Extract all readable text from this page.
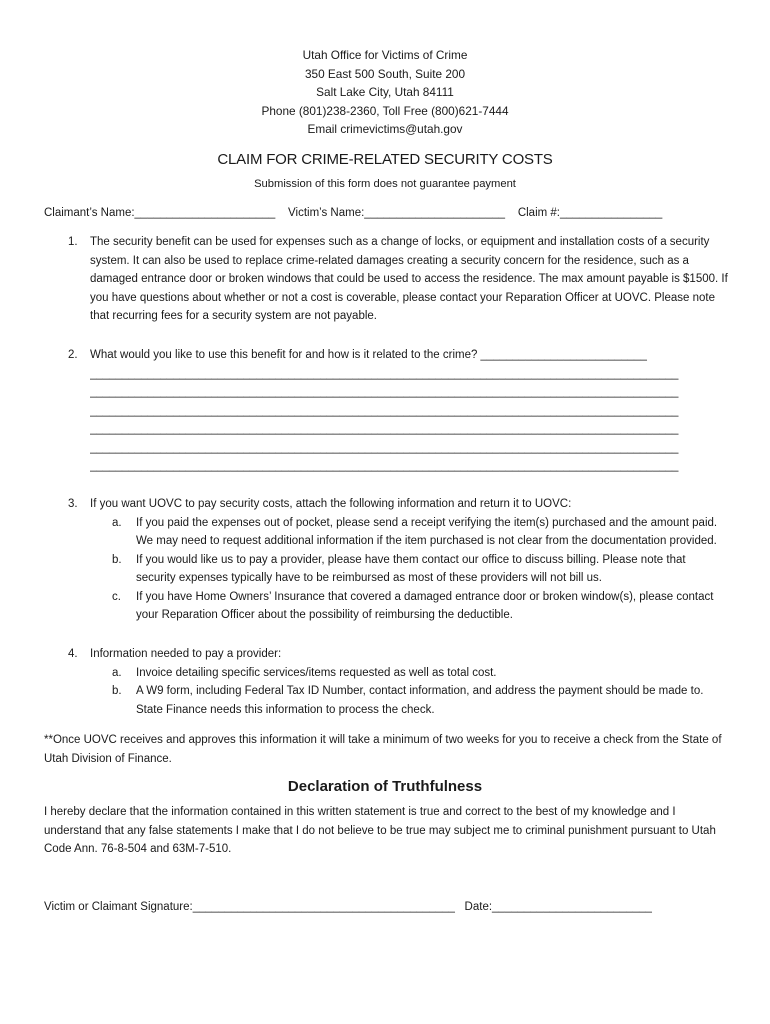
Utah Office for Victims of Crime
350 East 500 South, Suite 200
Salt Lake City, Utah 84111
Phone (801)238-2360, Toll Free (800)621-7444
Email crimevictims@utah.gov
CLAIM FOR CRIME-RELATED SECURITY COSTS
Submission of this form does not guarantee payment
Claimant’s Name:______________________ Victim’s Name:______________________ Claim #:________________
1. The security benefit can be used for expenses such as a change of locks, or equipment and installation costs of a security system. It can also be used to replace crime-related damages creating a security concern for the residence, such as a damaged entrance door or broken windows that could be used to access the residence. The max amount payable is $1500. If you have questions about whether or not a cost is coverable, please contact your Reparation Officer at UOVC. Please note that recurring fees for a security system are not payable.
2. What would you like to use this benefit for and how is it related to the crime? __________________________
____________________________________________________________________________________________
____________________________________________________________________________________________
____________________________________________________________________________________________
____________________________________________________________________________________________
____________________________________________________________________________________________
____________________________________________________________________________________________
3. If you want UOVC to pay security costs, attach the following information and return it to UOVC:
a. If you paid the expenses out of pocket, please send a receipt verifying the item(s) purchased and the amount paid. We may need to request additional information if the item purchased is not clear from the documentation provided.
b. If you would like us to pay a provider, please have them contact our office to discuss billing. Please note that security expenses typically have to be reimbursed as most of these providers will not bill us.
c. If you have Home Owners’ Insurance that covered a damaged entrance door or broken window(s), please contact your Reparation Officer about the possibility of reimbursing the deductible.
4. Information needed to pay a provider:
a. Invoice detailing specific services/items requested as well as total cost.
b. A W9 form, including Federal Tax ID Number, contact information, and address the payment should be made to. State Finance needs this information to process the check.
**Once UOVC receives and approves this information it will take a minimum of two weeks for you to receive a check from the State of Utah Division of Finance.
Declaration of Truthfulness
I hereby declare that the information contained in this written statement is true and correct to the best of my knowledge and I understand that any false statements I make that I do not believe to be true may subject me to criminal punishment pursuant to Utah Code Ann. 76-8-504 and 63M-7-510.
Victim or Claimant Signature:_________________________________________ Date:_________________________
